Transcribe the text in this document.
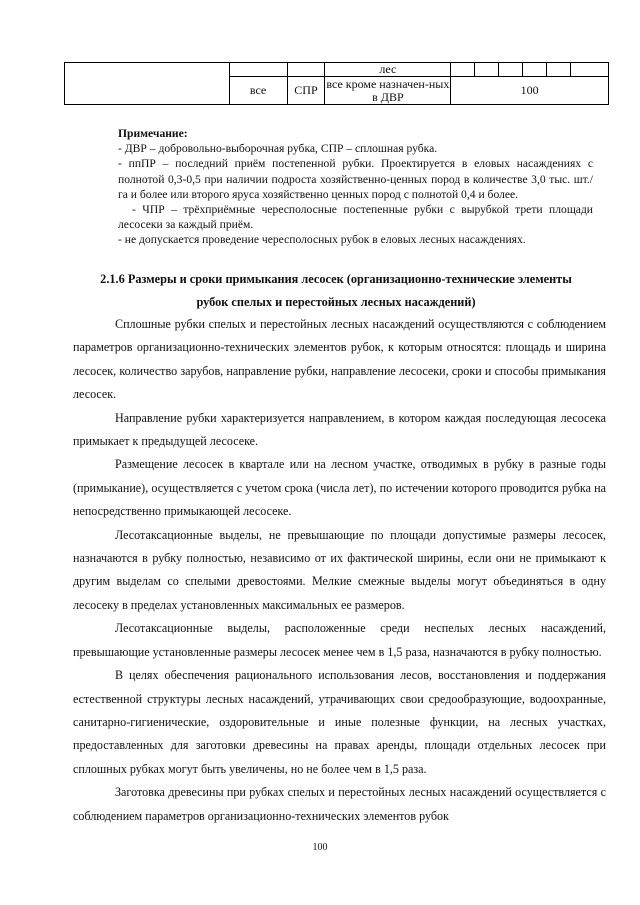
			лес						
	все	СПР	все кроме назначен-ных в ДВР	100					

Примечание:

- ДВР – добровольно-выборочная рубка, СПР – сплошная рубка.

- ппПР – последний приём постепенной рубки. Проектируется в еловых насаждениях с полнотой 0,3-0,5 при наличии подроста хозяйственно-ценных пород в количестве 3,0 тыс. шт./га и более или второго яруса хозяйственно ценных пород с полнотой 0,4 и более.

- ЧПР – трёхприёмные чересполосные постепенные рубки с вырубкой трети площади лесосеки за каждый приём.

- не допускается проведение чересполосных рубок в еловых лесных насаждениях.

2.1.6 Размеры и сроки примыкания лесосек (организационно-технические элементы
рубок спелых и перестойных лесных насаждений)

Сплошные рубки спелых и перестойных лесных насаждений осуществляются с соблюдением параметров организационно-технических элементов рубок, к которым относятся: площадь и ширина лесосек, количество зарубов, направление рубки, направление лесосеки, сроки и способы примыкания лесосек.

Направление рубки характеризуется направлением, в котором каждая последующая лесосека примыкает к предыдущей лесосеке.

Размещение лесосек в квартале или на лесном участке, отводимых в рубку в разные годы (примыкание), осуществляется с учетом срока (числа лет), по истечении которого проводится рубка на непосредственно примыкающей лесосеке.

Лесотаксационные выделы, не превышающие по площади допустимые размеры лесосек, назначаются в рубку полностью, независимо от их фактической ширины, если они не примыкают к другим выделам со спелыми древостоями. Мелкие смежные выделы могут объединяться в одну лесосеку в пределах установленных максимальных ее размеров.

Лесотаксационные выделы, расположенные среди неспелых лесных насаждений, превышающие установленные размеры лесосек менее чем в 1,5 раза, назначаются в рубку полностью.

В целях обеспечения рационального использования лесов, восстановления и поддержания естественной структуры лесных насаждений, утрачивающих свои средообразующие, водоохранные, санитарно-гигиенические, оздоровительные и иные полезные функции, на лесных участках, предоставленных для заготовки древесины на правах аренды, площади отдельных лесосек при сплошных рубках могут быть увеличены, но не более чем в 1,5 раза.

Заготовка древесины при рубках спелых и перестойных лесных насаждений осуществляется с соблюдением параметров организационно-технических элементов рубок

100
